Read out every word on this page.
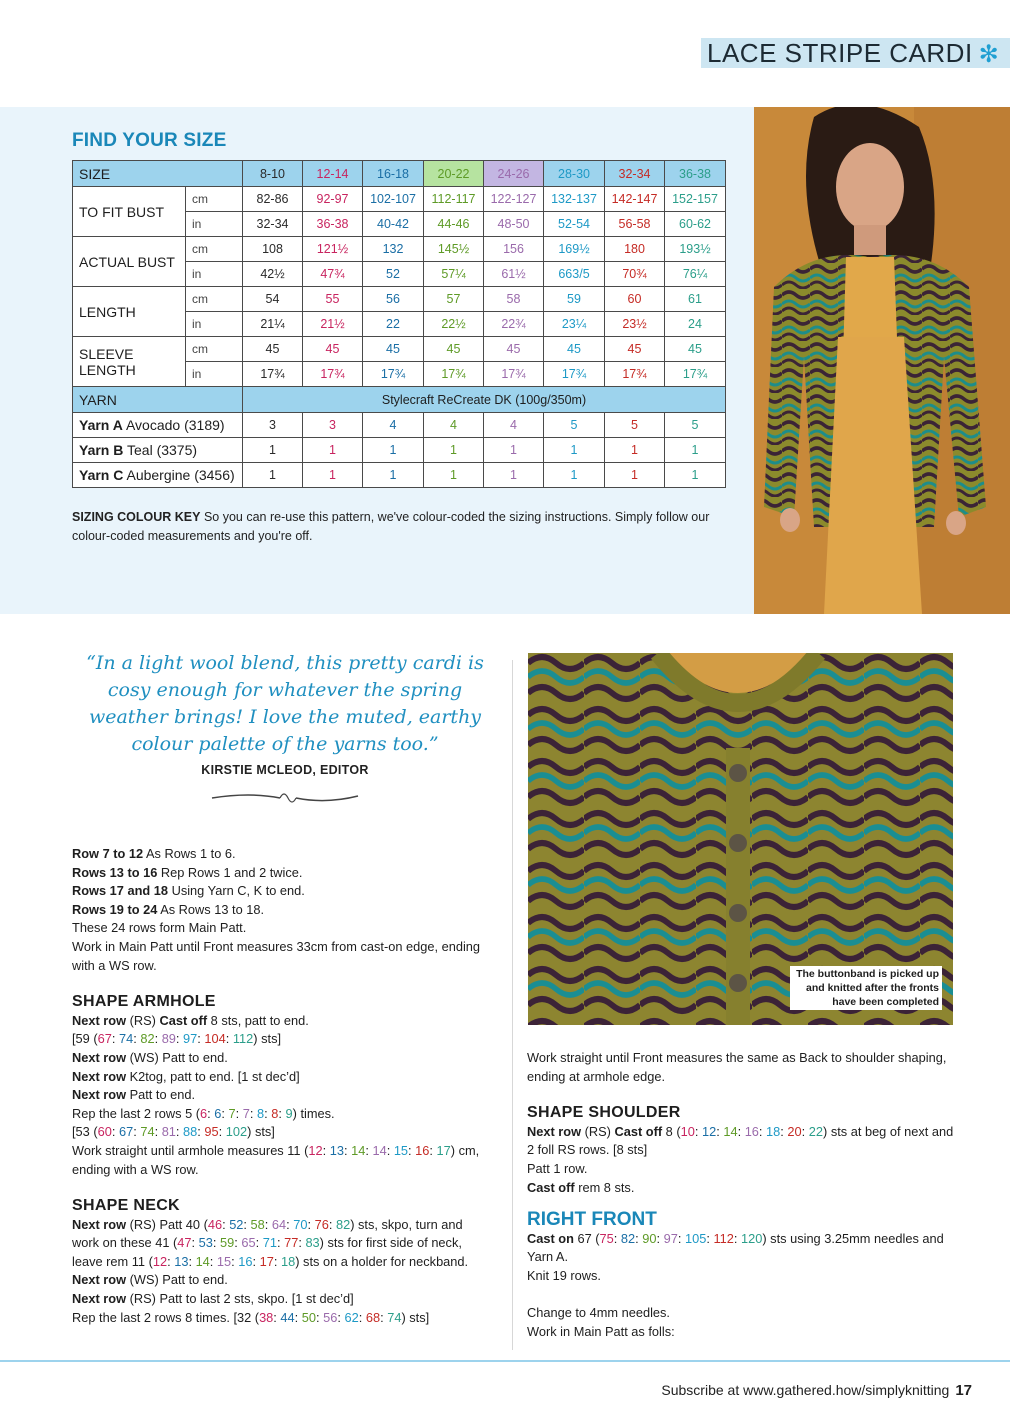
LACE STRIPE CARDI ✻
FIND YOUR SIZE
SIZE		8-10	12-14	16-18	20-22	24-26	28-30	32-34	36-38
TO FIT BUST	cm	82-86	92-97	102-107	112-117	122-127	132-137	142-147	152-157
	in	32-34	36-38	40-42	44-46	48-50	52-54	56-58	60-62
ACTUAL BUST	cm	108	121½	132	145½	156	169½	180	193½
	in	42½	47¾	52	57¼	61½	663/5	70¾	76¼
LENGTH	cm	54	55	56	57	58	59	60	61
	in	21¼	21½	22	22½	22¾	23¼	23½	24
SLEEVE LENGTH	cm	45	45	45	45	45	45	45	45
	in	17¾	17¾	17¾	17¾	17¾	17¾	17¾	17¾
YARN		Stylecraft ReCreate DK (100g/350m)							
Yarn A Avocado (3189)		3	3	4	4	4	5	5	5
Yarn B Teal (3375)		1	1	1	1	1	1	1	1
Yarn C Aubergine (3456)		1	1	1	1	1	1	1	1
SIZING COLOUR KEY So you can re-use this pattern, we've colour-coded the sizing instructions. Simply follow our colour-coded measurements and you're off.
“In a light wool blend, this pretty cardi is cosy enough for whatever the spring weather brings! I love the muted, earthy colour palette of the yarns too.”
KIRSTIE MCLEOD, EDITOR

Row 7 to 12 As Rows 1 to 6.

Rows 13 to 16 Rep Rows 1 and 2 twice.

Rows 17 and 18 Using Yarn C, K to end.

Rows 19 to 24 As Rows 13 to 18.

These 24 rows form Main Patt.

Work in Main Patt until Front measures 33cm from cast-on edge, ending with a WS row.

SHAPE ARMHOLE

Next row (RS) Cast off 8 sts, patt to end.

[59 (67: 74: 82: 89: 97: 104: 112) sts]

Next row (WS) Patt to end.

Next row K2tog, patt to end. [1 st dec’d]

Next row Patt to end.

Rep the last 2 rows 5 (6: 6: 7: 7: 8: 8: 9) times.

[53 (60: 67: 74: 81: 88: 95: 102) sts]

Work straight until armhole measures 11 (12: 13: 14: 14: 15: 16: 17) cm, ending with a WS row.

SHAPE NECK

Next row (RS) Patt 40 (46: 52: 58: 64: 70: 76: 82) sts, skpo, turn and work on these 41 (47: 53: 59: 65: 71: 77: 83) sts for first side of neck, leave rem 11 (12: 13: 14: 15: 16: 17: 18) sts on a holder for neckband.

Next row (WS) Patt to end.

Next row (RS) Patt to last 2 sts, skpo. [1 st dec’d]

Rep the last 2 rows 8 times. [32 (38: 44: 50: 56: 62: 68: 74) sts]

The buttonband is picked up and knitted after the fronts have been completed

Work straight until Front measures the same as Back to shoulder shaping, ending at armhole edge.

SHAPE SHOULDER

Next row (RS) Cast off 8 (10: 12: 14: 16: 18: 20: 22) sts at beg of next and 2 foll RS rows. [8 sts]

Patt 1 row.

Cast off rem 8 sts.

RIGHT FRONT

Cast on 67 (75: 82: 90: 97: 105: 112: 120) sts using 3.25mm needles and Yarn A.

Knit 19 rows.

Change to 4mm needles.

Work in Main Patt as folls:

Subscribe at www.gathered.how/simplyknitting 17
